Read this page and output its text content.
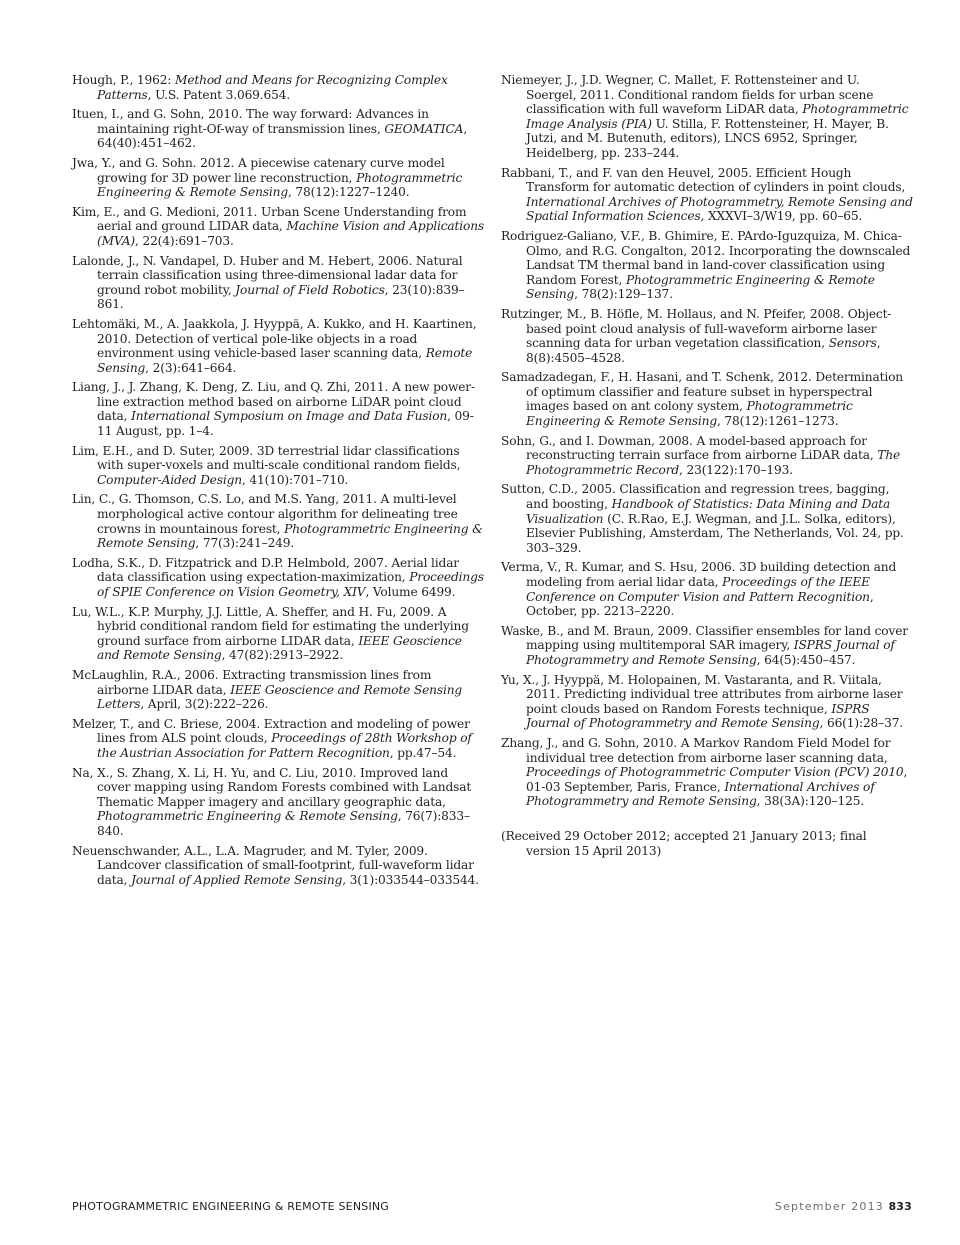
Hough, P., 1962: Method and Means for Recognizing Complex Patterns, U.S. Patent 3.069.654.

Ituen, I., and G. Sohn, 2010. The way forward: Advances in maintaining right-Of-way of transmission lines, GEOMATICA, 64(40):451–462.

Jwa, Y., and G. Sohn. 2012. A piecewise catenary curve model growing for 3D power line reconstruction, Photogrammetric Engineering & Remote Sensing, 78(12):1227–1240.

Kim, E., and G. Medioni, 2011. Urban Scene Understanding from aerial and ground LIDAR data, Machine Vision and Applications (MVA), 22(4):691–703.

Lalonde, J., N. Vandapel, D. Huber and M. Hebert, 2006. Natural terrain classification using three-dimensional ladar data for ground robot mobility, Journal of Field Robotics, 23(10):839–861.

Lehtomäki, M., A. Jaakkola, J. Hyyppä, A. Kukko, and H. Kaartinen, 2010. Detection of vertical pole-like objects in a road environment using vehicle-based laser scanning data, Remote Sensing, 2(3):641–664.

Liang, J., J. Zhang, K. Deng, Z. Liu, and Q. Zhi, 2011. A new power-line extraction method based on airborne LiDAR point cloud data, International Symposium on Image and Data Fusion, 09-11 August, pp. 1–4.

Lim, E.H., and D. Suter, 2009. 3D terrestrial lidar classifications with super-voxels and multi-scale conditional random fields, Computer-Aided Design, 41(10):701–710.

Lin, C., G. Thomson, C.S. Lo, and M.S. Yang, 2011. A multi-level morphological active contour algorithm for delineating tree crowns in mountainous forest, Photogrammetric Engineering & Remote Sensing, 77(3):241–249.

Lodha, S.K., D. Fitzpatrick and D.P. Helmbold, 2007. Aerial lidar data classification using expectation-maximization, Proceedings of SPIE Conference on Vision Geometry, XIV, Volume 6499.

Lu, W.L., K.P. Murphy, J.J. Little, A. Sheffer, and H. Fu, 2009. A hybrid conditional random field for estimating the underlying ground surface from airborne LIDAR data, IEEE Geoscience and Remote Sensing, 47(82):2913–2922.

McLaughlin, R.A., 2006. Extracting transmission lines from airborne LIDAR data, IEEE Geoscience and Remote Sensing Letters, April, 3(2):222–226.

Melzer, T., and C. Briese, 2004. Extraction and modeling of power lines from ALS point clouds, Proceedings of 28th Workshop of the Austrian Association for Pattern Recognition, pp.47–54.

Na, X., S. Zhang, X. Li, H. Yu, and C. Liu, 2010. Improved land cover mapping using Random Forests combined with Landsat Thematic Mapper imagery and ancillary geographic data, Photogrammetric Engineering & Remote Sensing, 76(7):833–840.

Neuenschwander, A.L., L.A. Magruder, and M. Tyler, 2009. Landcover classification of small-footprint, full-waveform lidar data, Journal of Applied Remote Sensing, 3(1):033544–033544.

Niemeyer, J., J.D. Wegner, C. Mallet, F. Rottensteiner and U. Soergel, 2011. Conditional random fields for urban scene classification with full waveform LiDAR data, Photogrammetric Image Analysis (PIA) U. Stilla, F. Rottensteiner, H. Mayer, B. Jutzi, and M. Butenuth, editors), LNCS 6952, Springer, Heidelberg, pp. 233–244.

Rabbani, T., and F. van den Heuvel, 2005. Efficient Hough Transform for automatic detection of cylinders in point clouds, International Archives of Photogrammetry, Remote Sensing and Spatial Information Sciences, XXXVI–3/W19, pp. 60–65.

Rodriguez-Galiano, V.F., B. Ghimire, E. PArdo-Iguzquiza, M. Chica-Olmo, and R.G. Congalton, 2012. Incorporating the downscaled Landsat TM thermal band in land-cover classification using Random Forest, Photogrammetric Engineering & Remote Sensing, 78(2):129–137.

Rutzinger, M., B. Höfle, M. Hollaus, and N. Pfeifer, 2008. Object-based point cloud analysis of full-waveform airborne laser scanning data for urban vegetation classification, Sensors, 8(8):4505–4528.

Samadzadegan, F., H. Hasani, and T. Schenk, 2012. Determination of optimum classifier and feature subset in hyperspectral images based on ant colony system, Photogrammetric Engineering & Remote Sensing, 78(12):1261–1273.

Sohn, G., and I. Dowman, 2008. A model-based approach for reconstructing terrain surface from airborne LiDAR data, The Photogrammetric Record, 23(122):170–193.

Sutton, C.D., 2005. Classification and regression trees, bagging, and boosting, Handbook of Statistics: Data Mining and Data Visualization (C. R.Rao, E.J. Wegman, and J.L. Solka, editors), Elsevier Publishing, Amsterdam, The Netherlands, Vol. 24, pp. 303–329.

Verma, V., R. Kumar, and S. Hsu, 2006. 3D building detection and modeling from aerial lidar data, Proceedings of the IEEE Conference on Computer Vision and Pattern Recognition, October, pp. 2213–2220.

Waske, B., and M. Braun, 2009. Classifier ensembles for land cover mapping using multitemporal SAR imagery, ISPRS Journal of Photogrammetry and Remote Sensing, 64(5):450–457.

Yu, X., J. Hyyppä, M. Holopainen, M. Vastaranta, and R. Viitala, 2011. Predicting individual tree attributes from airborne laser point clouds based on Random Forests technique, ISPRS Journal of Photogrammetry and Remote Sensing, 66(1):28–37.

Zhang, J., and G. Sohn, 2010. A Markov Random Field Model for individual tree detection from airborne laser scanning data, Proceedings of Photogrammetric Computer Vision (PCV) 2010, 01-03 September, Paris, France, International Archives of Photogrammetry and Remote Sensing, 38(3A):120–125.

(Received 29 October 2012; accepted 21 January 2013; final version 15 April 2013)

PHOTOGRAMMETRIC ENGINEERING & REMOTE SENSING	September 2013 833
